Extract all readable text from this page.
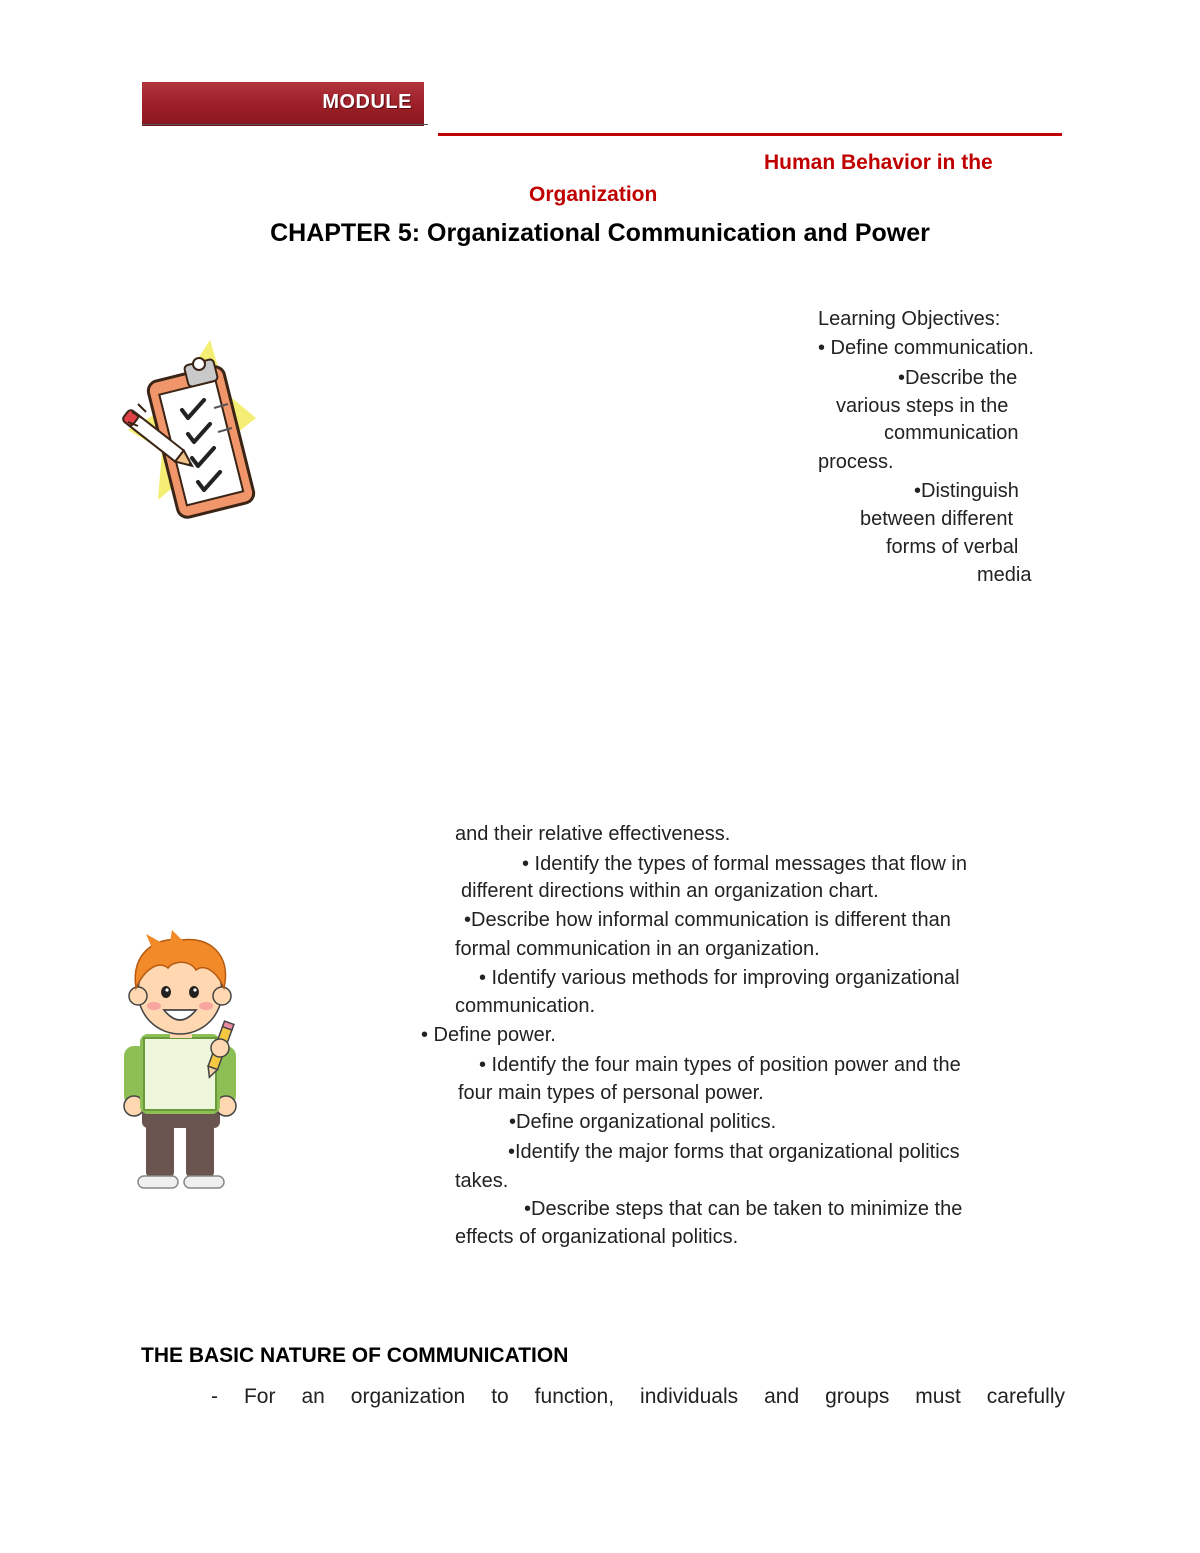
MODULE
Human Behavior in the
Organization
CHAPTER 5: Organizational Communication and Power
Learning Objectives:
• Define communication.
•Describe the
various steps in the
communication
process.
•Distinguish
between different
forms of verbal
media
and their relative effectiveness.
• Identify the types of formal messages that flow in
different directions within an organization chart.
•Describe how informal communication is different than
formal communication in an organization.
• Identify various methods for improving organizational
communication.
• Define power.
• Identify the four main types of position power and the
four main types of personal power.
•Define organizational politics.
•Identify the major forms that organizational politics
takes.
•Describe steps that can be taken to minimize the
effects of organizational politics.
THE BASIC NATURE OF COMMUNICATION
- For an organization to function, individuals and groups must carefully
